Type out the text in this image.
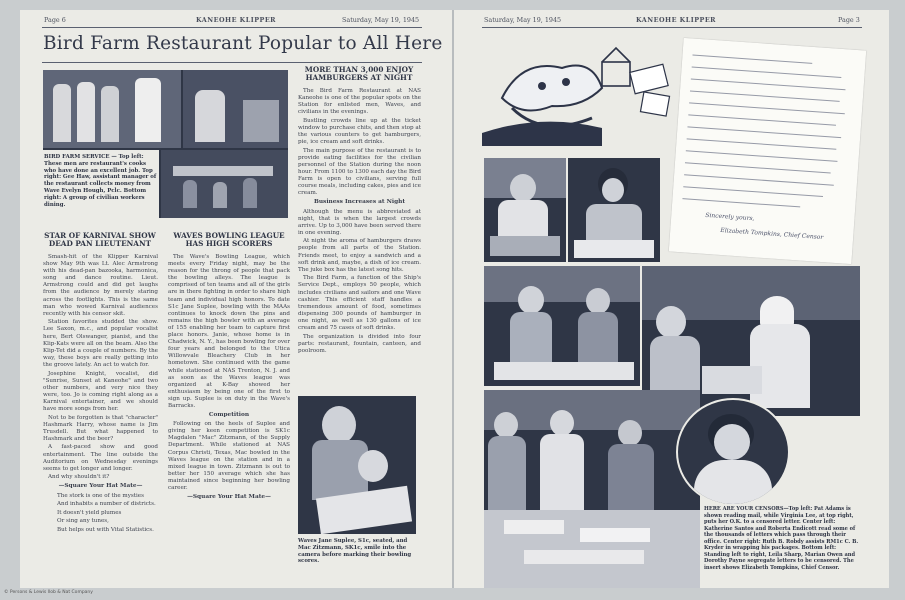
Page 6	KANEOHE KLIPPER	Saturday, May 19, 1945
Bird Farm Restaurant Popular to All Here
BIRD FARM SERVICE — Top left: These men are restaurant's cooks who have done an excellent job. Top right: Gee Haw, assistant manager of the restaurant collects money from Wave Evelyn Hough, Pclc. Bottom right: A group of civilian workers dining.
STAR OF KARNIVAL SHOW DEAD PAN LIEUTENANT

Smash-hit of the Klipper Karnival show May 9th was Lt. Alec Armstrong with his dead-pan bazooka, harmonica, song and dance routine. Lieut. Armstrong could and did get laughs from the audience by merely staring across the footlights. This is the same man who wowed Karnival audiences recently with his censor skit.

Station favorites studded the show. Lee Saxon, m.c., and popular vocalist here, Bert Olswanger, pianist, and the Klip-Kats were all on the beam. Also the Klip-Tet did a couple of numbers. By the way, these boys are really getting into the groove lately. An act to watch for.

Josephine Knight, vocalist, did "Sunrise, Sunset at Kaneohe" and two other numbers, and very nice they were, too. Jo is coming right along as a Karnival entertainer, and we should have more songs from her.

Not to be forgotten is that "character" Hashmark Harry, whose name is Jim Trusdell. But what happened to Hashmark and the beer?

A fast-paced show and good entertainment. The line outside the Auditorium on Wednesday evenings seems to get longer and longer.

And why shouldn't it?

—Square Your Hat Mate—

The stork is one of the mysties

And inhabits a number of districts.

It doesn't yield plumes

Or sing any tunes,

But helps out with Vital Statistics.

WAVES BOWLING LEAGUE HAS HIGH SCORERS

The Wave's Bowling League, which meets every Friday night, may be the reason for the throng of people that pack the bowling alleys. The league is comprised of ten teams and all of the girls are in there fighting in order to share high team and individual high honors. To date S1c Jane Suplee, bowling with the MAAs continues to knock down the pins and remains the high bowler with an average of 155 enabling her team to capture first place honors. Janie, whose home is in Chadwick, N. Y., has been bowling for over four years and belonged to the Utica Willowvale Bleachery Club in her hometown. She continued with the game while stationed at NAS Trenton, N. J. and as soon as the Waves league was organized at K-Bay showed her enthusiasm by being one of the first to sign up. Suplee is on duty in the Wave's Barracks.

Competition

Following on the heels of Suplee and giving her keen competition is SK1c Magdalen "Mac" Zitzmann, of the Supply Department. While stationed at NAS Corpus Christi, Texas, Mac bowled in the Waves league on the station and in a mixed league in town. Zitzmann is out to better her 150 average which she has maintained since beginning her bowling career.

—Square Your Hat Mate—
MORE THAN 3,000 ENJOY HAMBURGERS AT NIGHT

The Bird Farm Restaurant at NAS Kaneohe is one of the popular spots on the Station for enlisted men, Waves, and civilians in the evenings.

Bustling crowds line up at the ticket window to purchase chits, and then stop at the various counters to get hamburgers, pie, ice cream and soft drinks.

The main purpose of the restaurant is to provide eating facilities for the civilian personnel of the Station during the noon hour. From 1100 to 1300 each day the Bird Farm is open to civilians, serving full course meals, including cakes, pies and ice cream.

Business Increases at Night

Although the menu is abbreviated at night, that is when the largest crowds arrive. Up to 3,000 have been served there in one evening.

At night the aroma of hamburgers draws people from all parts of the Station. Friends meet, to enjoy a sandwich and a soft drink and, maybe, a dish of ice cream. The juke box has the latest song hits.

The Bird Farm, a function of the Ship's Service Dept., employs 50 people, which includes civilians and sailors and one Wave cashier. This efficient staff handles a tremendous amount of food, sometimes dispensing 300 pounds of hamburger in one night, as well as 130 gallons of ice cream and 75 cases of soft drinks.

The organization is divided into four parts: restaurant, fountain, canteen, and poolroom.

Waves Jane Suplee, S1c, seated, and Mac Zitzmann, SK1c, smile into the camera before marking their bowling scores.
Saturday, May 19, 1945	KANEOHE KLIPPER	Page 3
Sincerely yours,
Elizabeth Tompkins, Chief Censor
HERE ARE YOUR CENSORS—Top left: Pat Adams is shown reading mail, while Virginia Lee, at top right, puts her O.K. to a censored letter. Center left: Katherine Santos and Roberta Endicott read some of the thousands of letters which pass through their office. Center right: Ruth B. Robdy assists RM1c C. B. Kryder in wrapping his packages. Bottom left: Standing left to right, Leila Sharp, Marian Owen and Dorothy Payne segregate letters to be censored. The insert shows Elizabeth Tompkins, Chief Censor.
© Persons & Lewis Ilob & Nat Company
